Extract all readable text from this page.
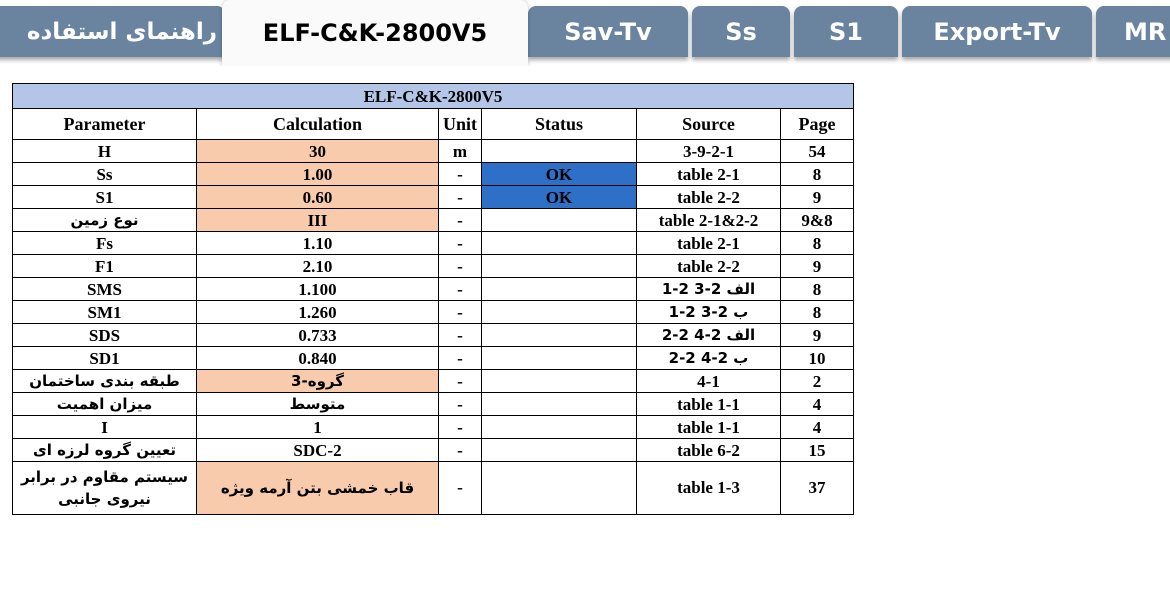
راهنمای استفاده	Sav-Tv	Ss	S1	Export-Tv	MR
ELF-C&K-2800V5
ELF-C&K-2800V5					
Parameter	Calculation	Unit	Status	Source	Page
H	30	m		3-9-2-1	54
Ss	1.00	-	OK	table 2-1	8
S1	0.60	-	OK	table 2-2	9
نوع زمین	III	-		table 2-1&2-2	9&8
Fs	1.10	-		table 2-1	8
F1	2.10	-		table 2-2	9
SMS	1.100	-		الف 2-3 2-1	8
SM1	1.260	-		ب 2-3 2-1	8
SDS	0.733	-		الف 2-4 2-2	9
SD1	0.840	-		ب 2-4 2-2	10
طبقه بندی ساختمان	گروه-3	-		4-1	2
میزان اهمیت	متوسط	-		table 1-1	4
I	1	-		table 1-1	4
تعیین گروه لرزه ای	SDC-2	-		table 6-2	15
سیستم مقاوم در برابر نیروی جانبی	قاب خمشی بتن آرمه ویژه	-		table 1-3	37
